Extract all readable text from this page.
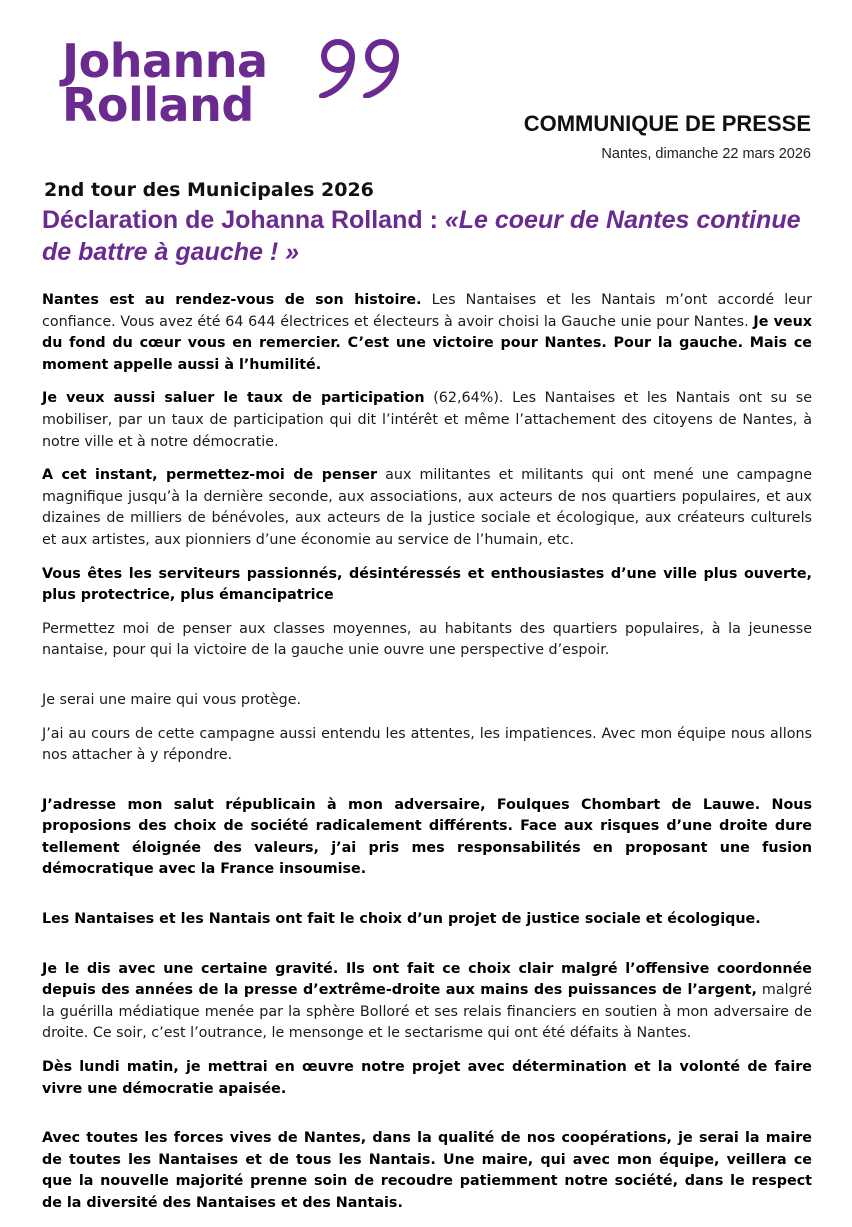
Johanna
Rolland	COMMUNIQUE DE PRESSE
Nantes, dimanche 22 mars 2026
2nd tour des Municipales 2026
Déclaration de Johanna Rolland : «Le coeur de Nantes continue de battre à gauche ! »

Nantes est au rendez-vous de son histoire. Les Nantaises et les Nantais m’ont accordé leur confiance. Vous avez été 64 644 électrices et électeurs à avoir choisi la Gauche unie pour Nantes. Je veux du fond du cœur vous en remercier. C’est une victoire pour Nantes. Pour la gauche. Mais ce moment appelle aussi à l’humilité.

Je veux aussi saluer le taux de participation (62,64%). Les Nantaises et les Nantais ont su se mobiliser, par un taux de participation qui dit l’intérêt et même l’attachement des citoyens de Nantes, à notre ville et à notre démocratie.

A cet instant, permettez-moi de penser aux militantes et militants qui ont mené une campagne magnifique jusqu’à la dernière seconde, aux associations, aux acteurs de nos quartiers populaires, et aux dizaines de milliers de bénévoles, aux acteurs de la justice sociale et écologique, aux créateurs culturels et aux artistes, aux pionniers d’une économie au service de l’humain, etc.

Vous êtes les serviteurs passionnés, désintéressés et enthousiastes d’une ville plus ouverte, plus protectrice, plus émancipatrice

Permettez moi de penser aux classes moyennes, au habitants des quartiers populaires, à la jeunesse nantaise, pour qui la victoire de la gauche unie ouvre une perspective d’espoir.

Je serai une maire qui vous protège.

J’ai au cours de cette campagne aussi entendu les attentes, les impatiences. Avec mon équipe nous allons nos attacher à y répondre.

J’adresse mon salut républicain à mon adversaire, Foulques Chombart de Lauwe. Nous proposions des choix de société radicalement différents. Face aux risques d’une droite dure tellement éloignée des valeurs, j’ai pris mes responsabilités en proposant une fusion démocratique avec la France insoumise.

Les Nantaises et les Nantais ont fait le choix d’un projet de justice sociale et écologique.

Je le dis avec une certaine gravité. Ils ont fait ce choix clair malgré l’offensive coordonnée depuis des années de la presse d’extrême-droite aux mains des puissances de l’argent, malgré la guérilla médiatique menée par la sphère Bolloré et ses relais financiers en soutien à mon adversaire de droite. Ce soir, c’est l’outrance, le mensonge et le sectarisme qui ont été défaits à Nantes.

Dès lundi matin, je mettrai en œuvre notre projet avec détermination et la volonté de faire vivre une démocratie apaisée.

Avec toutes les forces vives de Nantes, dans la qualité de nos coopérations, je serai la maire de toutes les Nantaises et de tous les Nantais. Une maire, qui avec mon équipe, veillera ce que la nouvelle majorité prenne soin de recoudre patiemment notre société, dans le respect de la diversité des Nantaises et des Nantais.
